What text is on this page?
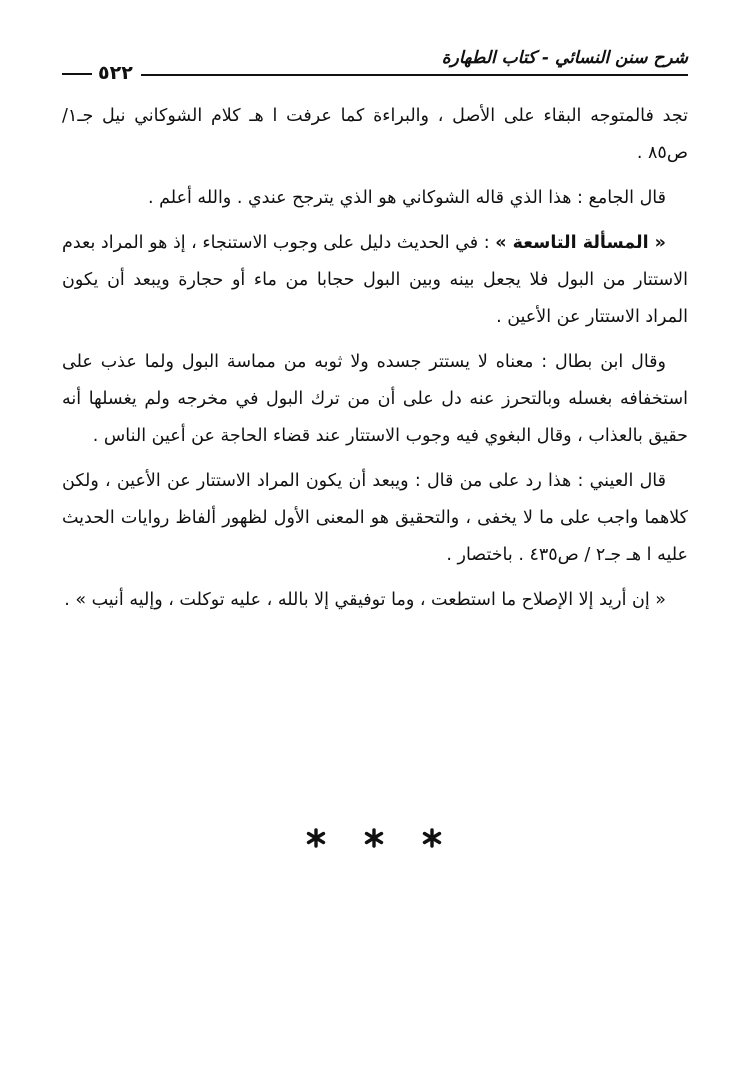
شرح سنن النسائي - كتاب الطهارة
٥٢٢

تجد فالمتوجه البقاء على الأصل ، والبراءة كما عرفت ا هـ كلام الشوكاني نيل جـ١/ ص٨٥ .

قال الجامع : هذا الذي قاله الشوكاني هو الذي يترجح عندي . والله أعلم .

« المسألة التاسعة » : في الحديث دليل على وجوب الاستنجاء ، إذ هو المراد بعدم الاستتار من البول فلا يجعل بينه وبين البول حجابا من ماء أو حجارة ويبعد أن يكون المراد الاستتار عن الأعين .

وقال ابن بطال : معناه لا يستتر جسده ولا ثوبه من مماسة البول ولما عذب على استخفافه بغسله وبالتحرز عنه دل على أن من ترك البول في مخرجه ولم يغسلها أنه حقيق بالعذاب ، وقال البغوي فيه وجوب الاستتار عند قضاء الحاجة عن أعين الناس .

قال العيني : هذا رد على من قال : ويبعد أن يكون المراد الاستتار عن الأعين ، ولكن كلاهما واجب على ما لا يخفى ، والتحقيق هو المعنى الأول لظهور ألفاظ روايات الحديث عليه ا هـ جـ٢ / ص٤٣٥ . باختصار .

« إن أريد إلا الإصلاح ما استطعت ، وما توفيقي إلا بالله ، عليه توكلت ، وإليه أنيب » .
